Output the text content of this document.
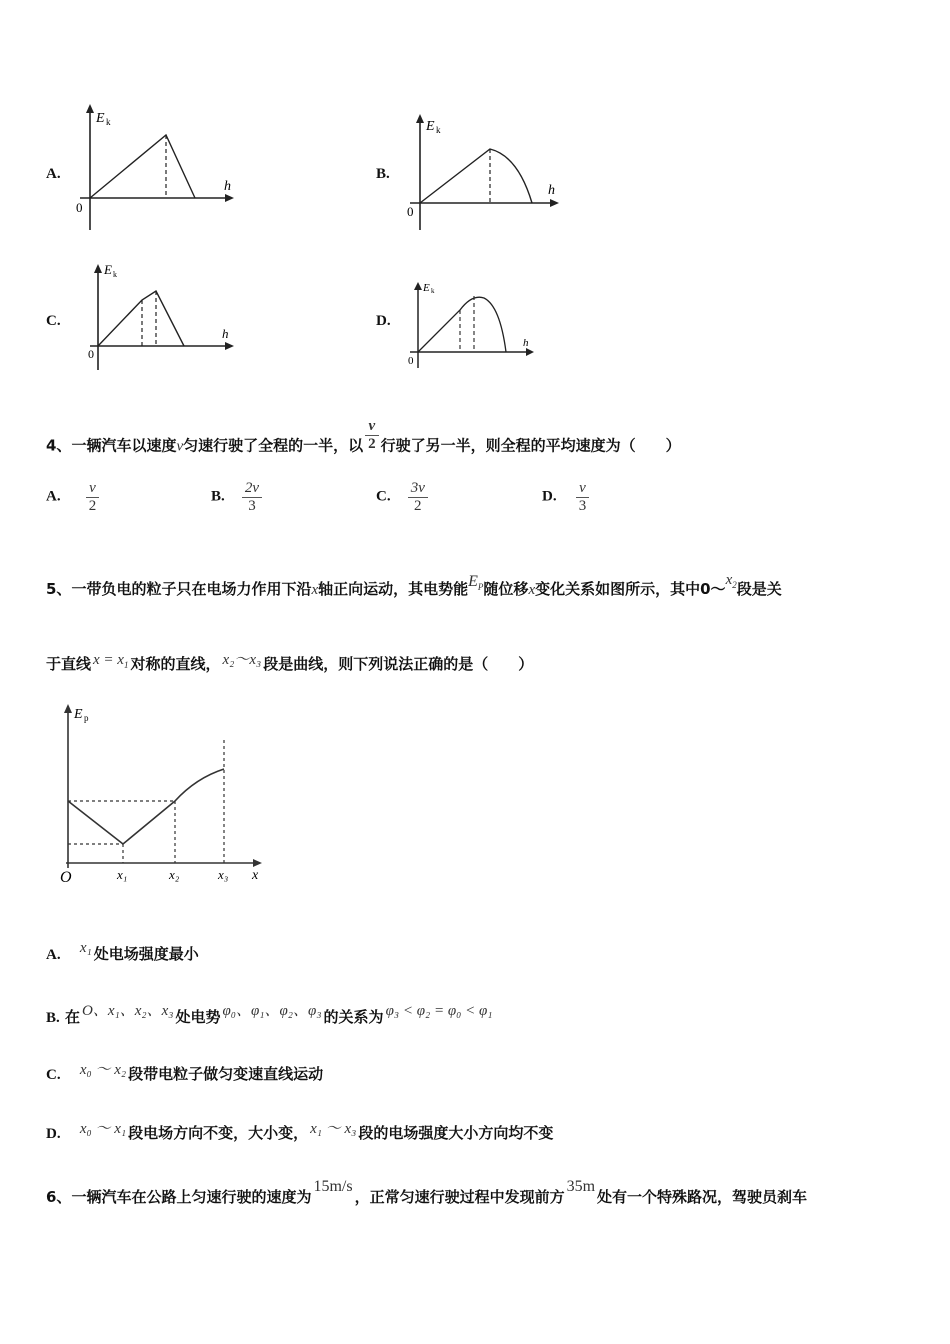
A.
E k
h
0
B.
E k
h
0
C.
E k
h
0
D.
E k
h
0
4、一辆汽车以速度v匀速行驶了全程的一半，以 $\frac{v}{2}$ 行驶了另一半，则全程的平均速度为（　　）
A. $\frac{v}{2}$	B. $\frac{2v}{3}$	C. $\frac{3v}{2}$	D. $\frac{v}{3}$
5、一带负电的粒子只在电场力作用下沿x轴正向运动，其电势能$E_P$随位移x变化关系如图所示，其中$0\sim x_2$段是关
于直线 $x = x_1$ 对称的直线， x₂～x₃ 段是曲线，则下列说法正确的是（　　）
E p
O	x₁	x₂	x₃ x
A. x₁ 处电场强度最小
B. 在 O、x₁、x₂、x₃ 处电势 φ₀、φ₁、φ₂、φ₃ 的关系为 φ₃ < φ₂ = φ₀ < φ₁
C. x₀ ～ x₂ 段带电粒子做匀变速直线运动
D. x₀ ～ x₁ 段电场方向不变，大小变， x₁ ～ x₃ 段的电场强度大小方向均不变
6、一辆汽车在公路上匀速行驶的速度为15m/s，正常匀速行驶过程中发现前方35m处有一个特殊路况，驾驶员刹车
